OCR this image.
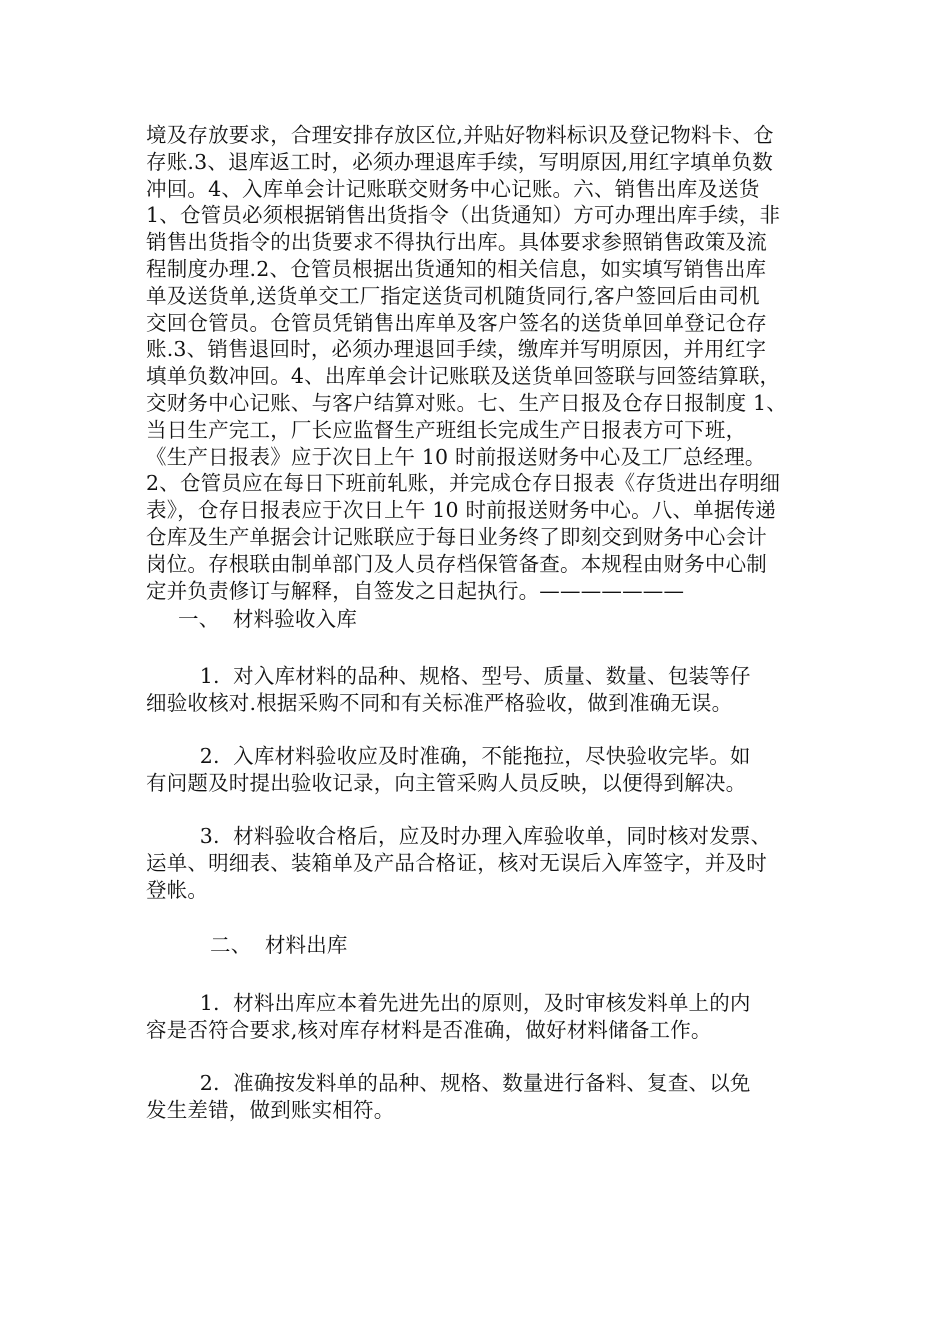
境及存放要求，合理安排存放区位,并贴好物料标识及登记物料卡、仓
存账.3、退库返工时，必须办理退库手续，写明原因,用红字填单负数
冲回。4、入库单会计记账联交财务中心记账。六、销售出库及送货
1、仓管员必须根据销售出货指令（出货通知）方可办理出库手续，非
销售出货指令的出货要求不得执行出库。具体要求参照销售政策及流
程制度办理.2、仓管员根据出货通知的相关信息，如实填写销售出库
单及送货单,送货单交工厂指定送货司机随货同行,客户签回后由司机
交回仓管员。仓管员凭销售出库单及客户签名的送货单回单登记仓存
账.3、销售退回时，必须办理退回手续，缴库并写明原因，并用红字
填单负数冲回。4、出库单会计记账联及送货单回签联与回签结算联，
交财务中心记账、与客户结算对账。七、生产日报及仓存日报制度 1、
当日生产完工，厂长应监督生产班组长完成生产日报表方可下班，
《生产日报表》应于次日上午 10 时前报送财务中心及工厂总经理。
2、仓管员应在每日下班前轧账，并完成仓存日报表《存货进出存明细
表》，仓存日报表应于次日上午 10 时前报送财务中心。八、单据传递
仓库及生产单据会计记账联应于每日业务终了即刻交到财务中心会计
岗位。存根联由制单部门及人员存档保管备查。本规程由财务中心制
定并负责修订与解释，自签发之日起执行。———————

一、  材料验收入库

1.  对入库材料的品种、规格、型号、质量、数量、包装等仔
细验收核对.根据采购不同和有关标准严格验收，做到准确无误。

2.  入库材料验收应及时准确，不能拖拉，尽快验收完毕。如
有问题及时提出验收记录，向主管采购人员反映，以便得到解决。

3.  材料验收合格后，应及时办理入库验收单，同时核对发票、
运单、明细表、装箱单及产品合格证，核对无误后入库签字，并及时
登帐。

二、  材料出库

1.  材料出库应本着先进先出的原则，及时审核发料单上的内
容是否符合要求,核对库存材料是否准确，做好材料储备工作。

2.  准确按发料单的品种、规格、数量进行备料、复查、以免
发生差错，做到账实相符。
